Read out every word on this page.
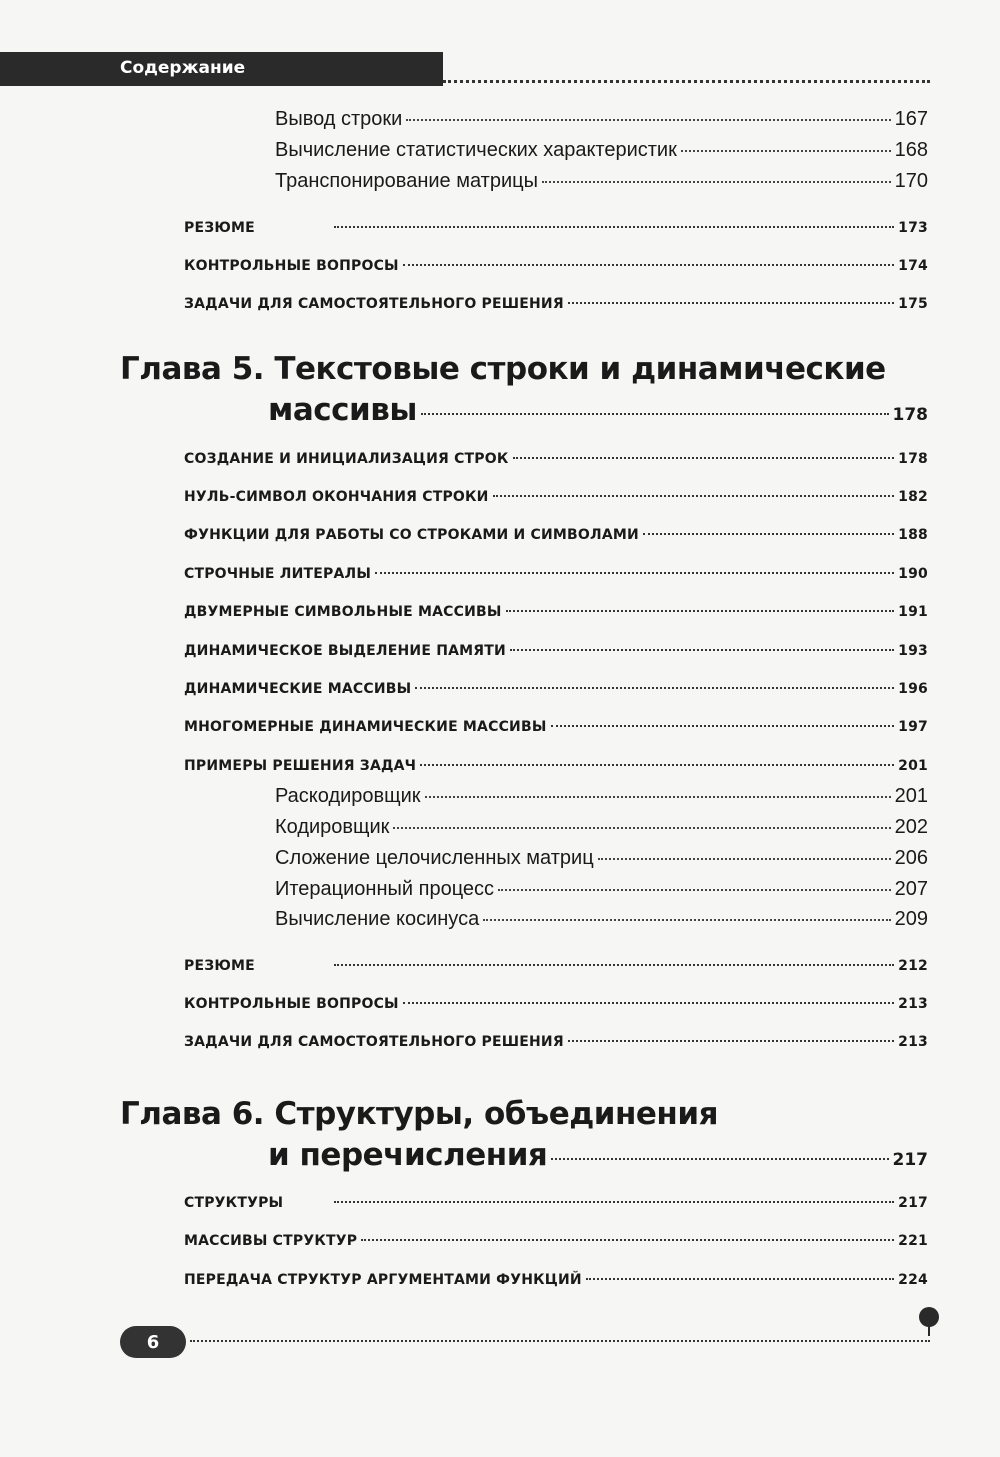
Содержание
Вывод строки	167
Вычисление статистических характеристик	168
Транспонирование матрицы	170
РЕЗЮМЕ	173
КОНТРОЛЬНЫЕ ВОПРОСЫ	174
ЗАДАЧИ ДЛЯ САМОСТОЯТЕЛЬНОГО РЕШЕНИЯ	175
Глава 5. Текстовые строки и динамические
массивы	178
СОЗДАНИЕ И ИНИЦИАЛИЗАЦИЯ СТРОК	178
НУЛЬ-СИМВОЛ ОКОНЧАНИЯ СТРОКИ	182
ФУНКЦИИ ДЛЯ РАБОТЫ СО СТРОКАМИ И СИМВОЛАМИ	188
СТРОЧНЫЕ ЛИТЕРАЛЫ	190
ДВУМЕРНЫЕ СИМВОЛЬНЫЕ МАССИВЫ	191
ДИНАМИЧЕСКОЕ ВЫДЕЛЕНИЕ ПАМЯТИ	193
ДИНАМИЧЕСКИЕ МАССИВЫ	196
МНОГОМЕРНЫЕ ДИНАМИЧЕСКИЕ МАССИВЫ	197
ПРИМЕРЫ РЕШЕНИЯ ЗАДАЧ	201
Раскодировщик	201
Кодировщик	202
Сложение целочисленных матриц	206
Итерационный процесс	207
Вычисление косинуса	209
РЕЗЮМЕ	212
КОНТРОЛЬНЫЕ ВОПРОСЫ	213
ЗАДАЧИ ДЛЯ САМОСТОЯТЕЛЬНОГО РЕШЕНИЯ	213
Глава 6. Структуры, объединения
и перечисления	217
СТРУКТУРЫ	217
МАССИВЫ СТРУКТУР	221
ПЕРЕДАЧА СТРУКТУР АРГУМЕНТАМИ ФУНКЦИЙ	224
6
